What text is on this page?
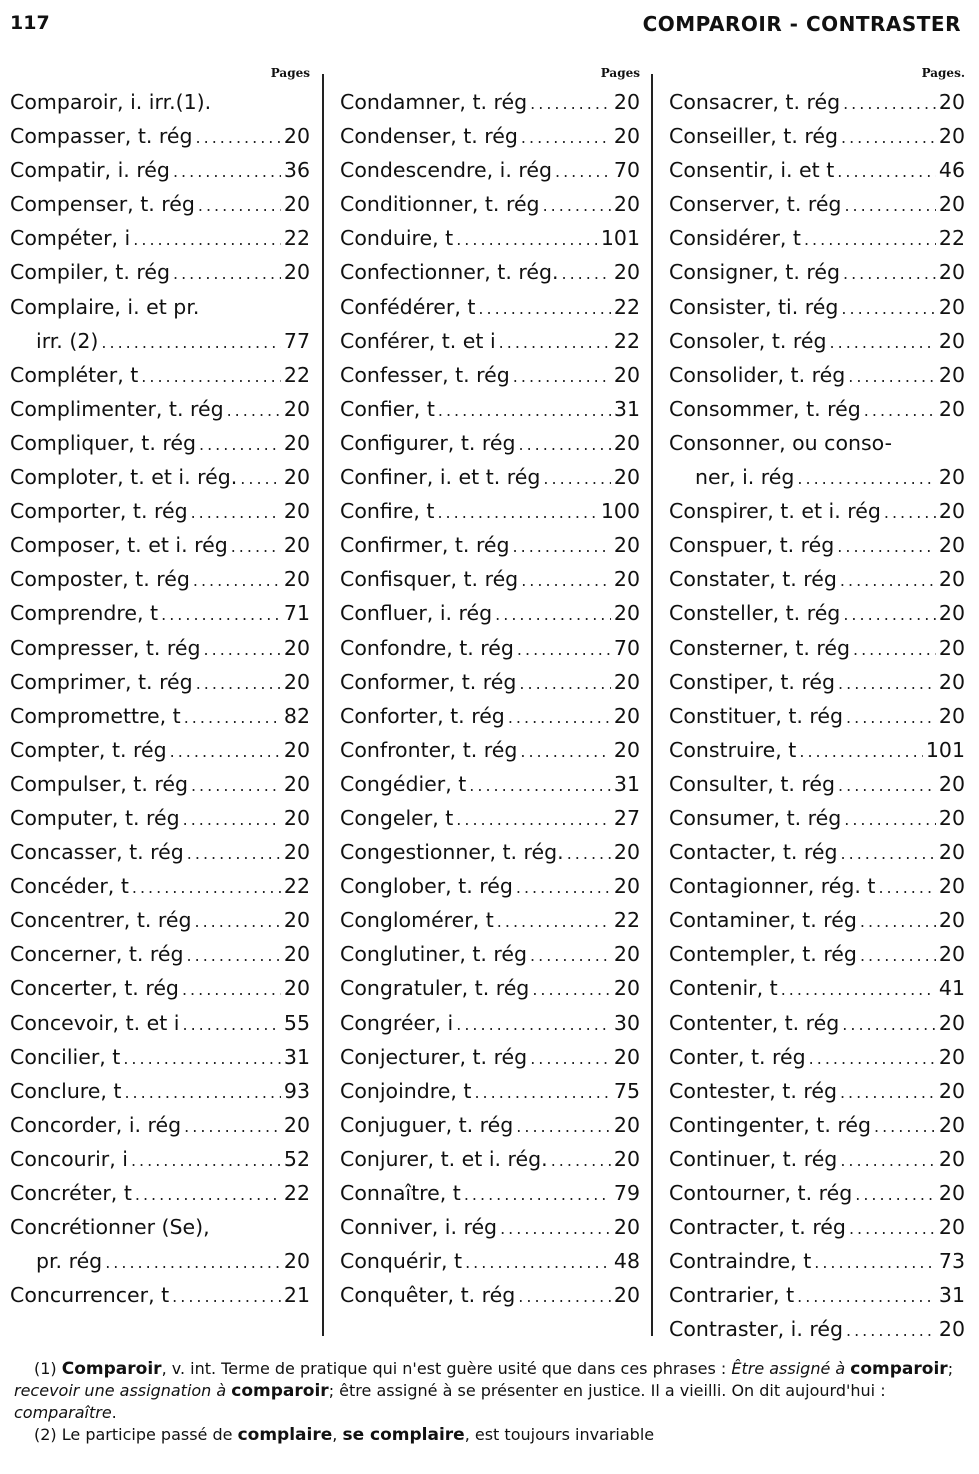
117	COMPAROIR - CONTRASTER
Pages
Comparoir, i. irr.(1).
Compasser, t. rég .....	20
Compatir, i. rég .....	36
Compenser, t. rég .....	20
Compéter, i .....	22
Compiler, t. rég .....	20
Complaire, i. et pr.
irr. (2) .....	77
Compléter, t .....	22
Complimenter, t. rég .....	20
Compliquer, t. rég .....	20
Comploter, t. et i. rég. ..... 20
Comporter, t. rég .....	20
Composer, t. et i. rég .....	20
Composter, t. rég .....	20
Comprendre, t .....	71
Compresser, t. rég .....	20
Comprimer, t. rég .....	20
Compromettre, t .....	82
Compter, t. rég .....	20
Compulser, t. rég .....	20
Computer, t. rég .....	20
Concasser, t. rég .....	20
Concéder, t .....	22
Concentrer, t. rég .....	20
Concerner, t. rég .....	20
Concerter, t. rég .....	20
Concevoir, t. et i .....	55
Concilier, t .....	31
Conclure, t .....	93
Concorder, i. rég .....	20
Concourir, i .....	52
Concréter, t .....	22
Concrétionner (Se),
pr. rég .....	20
Concurrencer, t .....	21
Pages
Condamner, t. rég .....	20
Condenser, t. rég .....	20
Condescendre, i. rég .....	70
Conditionner, t. rég .....	20
Conduire, t .....	101
Confectionner, t. rég. .....	20
Confédérer, t .....	22
Conférer, t. et i .....	22
Confesser, t. rég .....	20
Confier, t .....	31
Configurer, t. rég .....	20
Confiner, i. et t. rég .....	20
Confire, t .....	100
Confirmer, t. rég .....	20
Confisquer, t. rég .....	20
Confluer, i. rég .....	20
Confondre, t. rég .....	70
Conformer, t. rég .....	20
Conforter, t. rég .....	20
Confronter, t. rég .....	20
Congédier, t .....	31
Congeler, t .....	27
Congestionner, t. rég. ..... 20
Conglober, t. rég .....	20
Conglomérer, t .....	22
Conglutiner, t. rég .....	20
Congratuler, t. rég .....	20
Congréer, i .....	30
Conjecturer, t. rég .....	20
Conjoindre, t .....	75
Conjuguer, t. rég .....	20
Conjurer, t. et i. rég. .....	20
Connaître, t .....	79
Conniver, i. rég .....	20
Conquérir, t .....	48
Conquêter, t. rég .....	20
Pages.
Consacrer, t. rég .....	20
Conseiller, t. rég .....	20
Consentir, i. et t .....	46
Conserver, t. rég .....	20
Considérer, t .....	22
Consigner, t. rég .....	20
Consister, ti. rég .....	20
Consoler, t. rég .....	20
Consolider, t. rég .....	20
Consommer, t. rég .....	20
Consonner, ou conso-
ner, i. rég .....	20
Conspirer, t. et i. rég .....	20
Conspuer, t. rég .....	20
Constater, t. rég .....	20
Consteller, t. rég .....	20
Consterner, t. rég .....	20
Constiper, t. rég .....	20
Constituer, t. rég .....	20
Construire, t .....	101
Consulter, t. rég .....	20
Consumer, t. rég .....	20
Contacter, t. rég .....	20
Contagionner, rég. t .....	20
Contaminer, t. rég .....	20
Contempler, t. rég .....	20
Contenir, t .....	41
Contenter, t. rég .....	20
Conter, t. rég .....	20
Contester, t. rég .....	20
Contingenter, t. rég .....	20
Continuer, t. rég .....	20
Contourner, t. rég .....	20
Contracter, t. rég .....	20
Contraindre, t .....	73
Contrarier, t .....	31
Contraster, i. rég .....	20

(1) Comparoir, v. int. Terme de pratique qui n'est guère usité que dans ces phrases : Être assigné à comparoir; recevoir une assignation à comparoir; être assigné à se présenter en justice. Il a vieilli. On dit aujourd'hui : comparaître.

(2) Le participe passé de complaire, se complaire, est toujours invariable
